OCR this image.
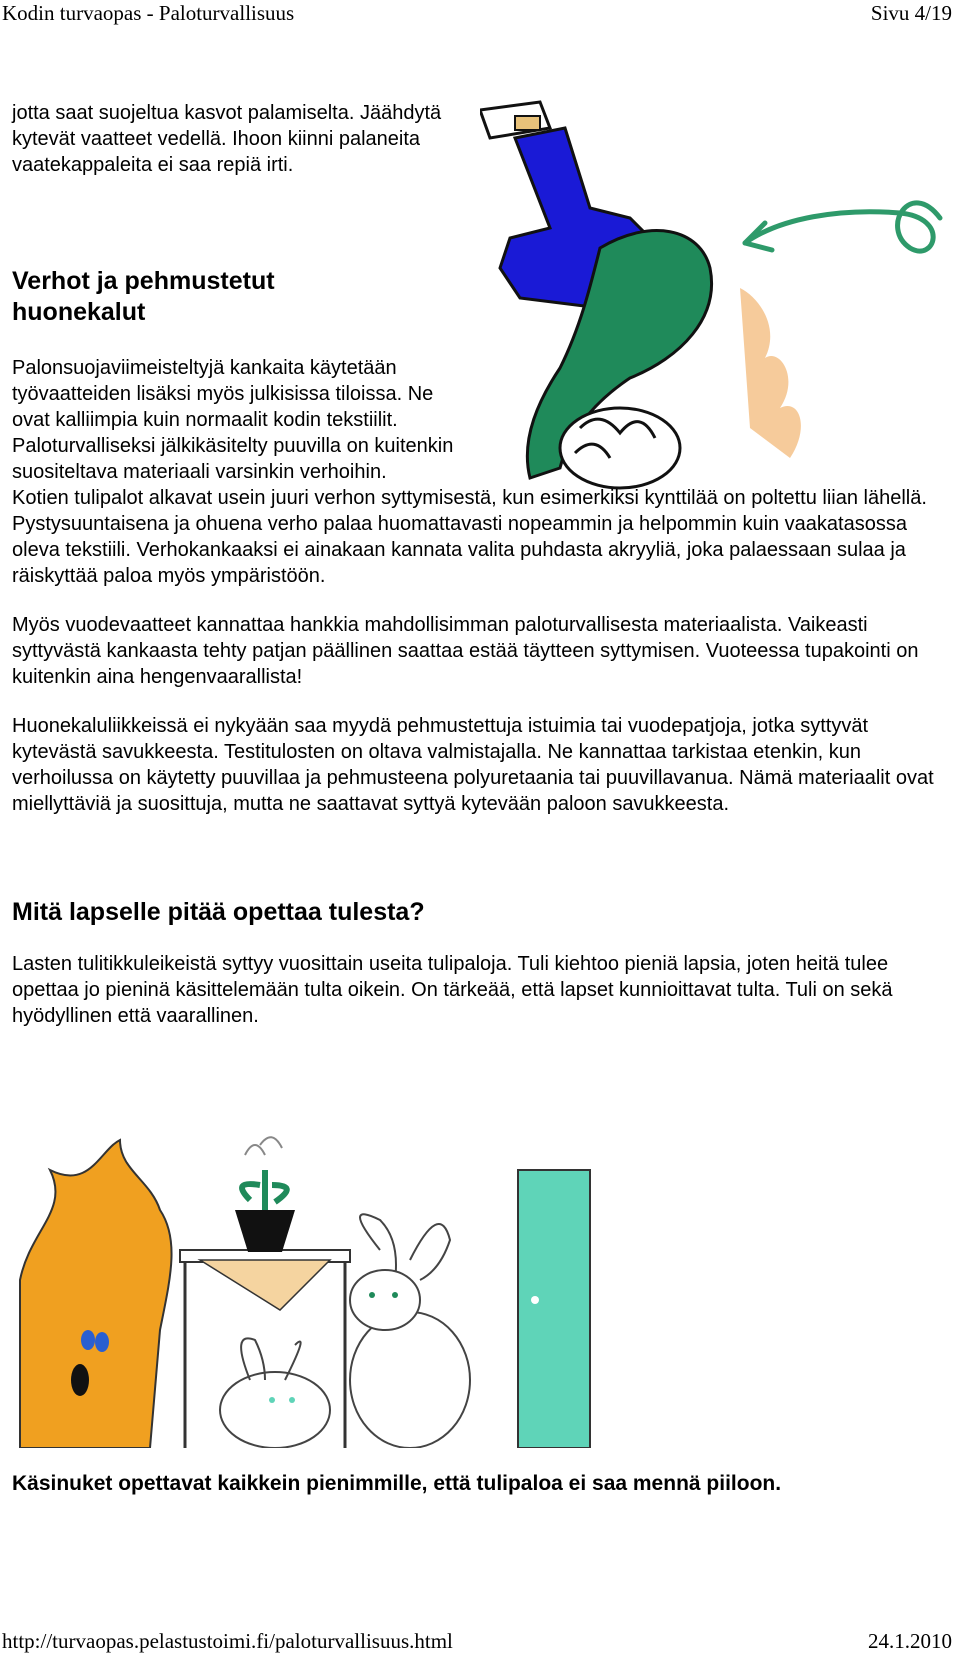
Kodin turvaopas - Paloturvallisuus	Sivu 4/19

jotta saat suojeltua kasvot palamiselta. Jäähdytä kytevät vaatteet vedellä. Ihoon kiinni palaneita vaatekappaleita ei saa repiä irti.

Verhot ja pehmustetut huonekalut

Palonsuojaviimeisteltyjä kankaita käytetään työvaatteiden lisäksi myös julkisissa tiloissa. Ne ovat kalliimpia kuin normaalit kodin tekstiilit. Paloturvalliseksi jälkikäsitelty puuvilla on kuitenkin suositeltava materiaali varsinkin verhoihin.

Kotien tulipalot alkavat usein juuri verhon syttymisestä, kun esimerkiksi kynttilää on poltettu liian lähellä. Pystysuuntaisena ja ohuena verho palaa huomattavasti nopeammin ja helpommin kuin vaakatasossa oleva tekstiili. Verhokankaaksi ei ainakaan kannata valita puhdasta akryyliä, joka palaessaan sulaa ja räiskyttää paloa myös ympäristöön.

Myös vuodevaatteet kannattaa hankkia mahdollisimman paloturvallisesta materiaalista. Vaikeasti syttyvästä kankaasta tehty patjan päällinen saattaa estää täytteen syttymisen. Vuoteessa tupakointi on kuitenkin aina hengenvaarallista!

Huonekaluliikkeissä ei nykyään saa myydä pehmustettuja istuimia tai vuodepatjoja, jotka syttyvät kytevästä savukkeesta. Testitulosten on oltava valmistajalla. Ne kannattaa tarkistaa etenkin, kun verhoilussa on käytetty puuvillaa ja pehmusteena polyuretaania tai puuvillavanua. Nämä materiaalit ovat miellyttäviä ja suosittuja, mutta ne saattavat syttyä kytevään paloon savukkeesta.

Mitä lapselle pitää opettaa tulesta?

Lasten tulitikkuleikeistä syttyy vuosittain useita tulipaloja. Tuli kiehtoo pieniä lapsia, joten heitä tulee opettaa jo pieninä käsittelemään tulta oikein. On tärkeää, että lapset kunnioittavat tulta. Tuli on sekä hyödyllinen että vaarallinen.

Käsinuket opettavat kaikkein pienimmille, että tulipaloa ei saa mennä piiloon.
http://turvaopas.pelastustoimi.fi/paloturvallisuus.html	24.1.2010
